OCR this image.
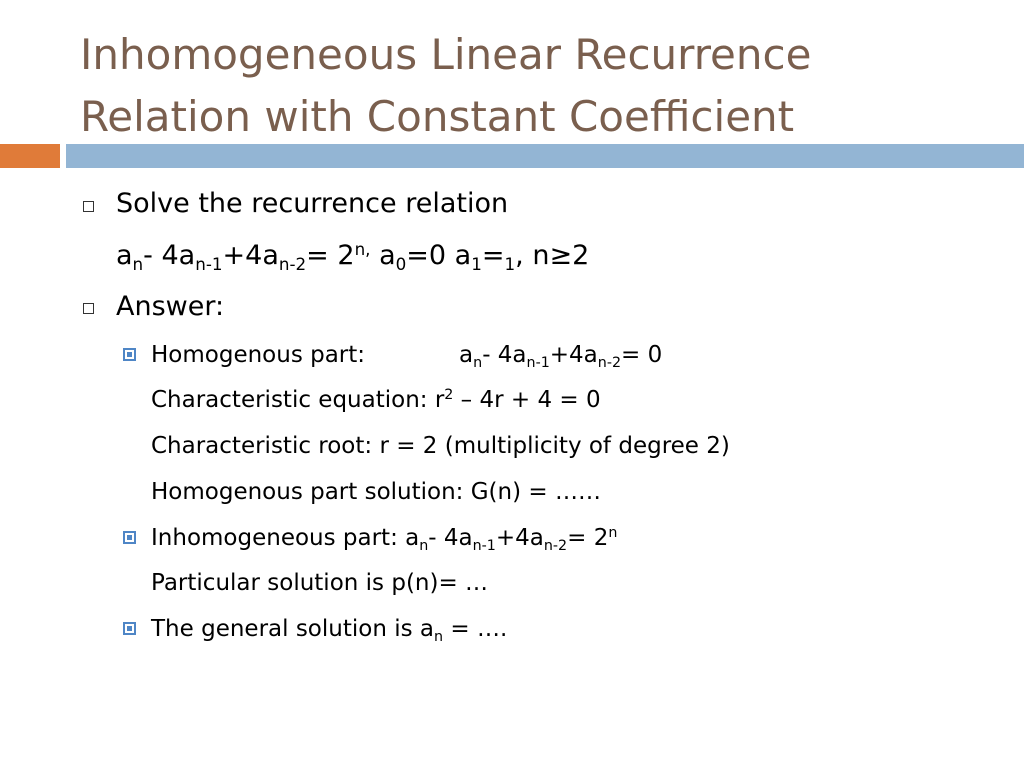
Inhomogeneous Linear Recurrence
Relation with Constant Coefficient
Solve the recurrence relation
$a_n-$ $4a_{n-1}+4a_{n-2}= 2^{n,}$ $a_0=0$ $a_1=_1$, n≥2
Answer:
Homogenous part:	$a_n-$ $4a_{n-1}+4a_{n-2}= 0$
Characteristic equation: $r^2 - 4r + 4 = 0$
Characteristic root: r = 2 (multiplicity of degree 2)
Homogenous part solution: G(n) = ……
Inhomogeneous part: $a_n-$ $4a_{n-1}+4a_{n-2}= 2^n$
Particular solution is p(n)= …
The general solution is $a_n$ = ….
